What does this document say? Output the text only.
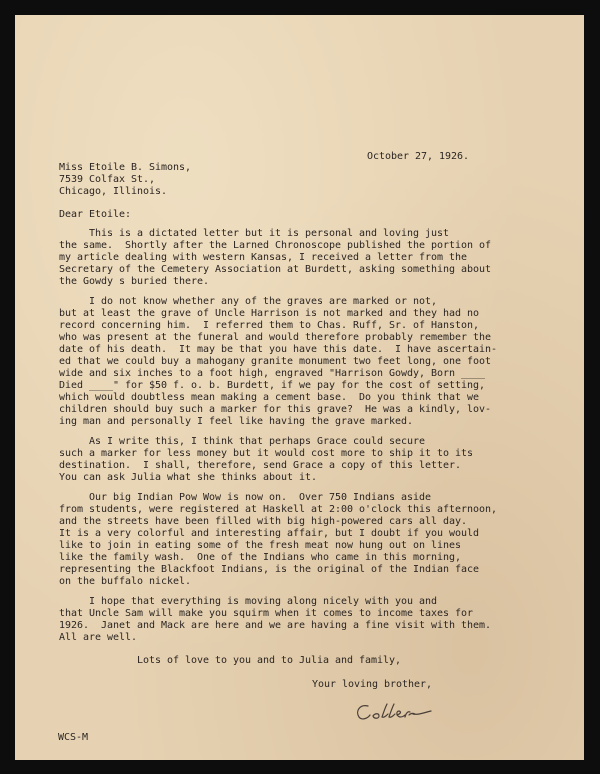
October 27, 1926.
Miss Etoile B. Simons,
7539 Colfax St.,
Chicago, Illinois.
Dear Etoile:
This is a dictated letter but it is personal and loving just
the same.  Shortly after the Larned Chronoscope published the portion of
my article dealing with western Kansas, I received a letter from the
Secretary of the Cemetery Association at Burdett, asking something about
the Gowdy s buried there.
I do not know whether any of the graves are marked or not,
but at least the grave of Uncle Harrison is not marked and they had no
record concerning him.  I referred them to Chas. Ruff, Sr. of Hanston,
who was present at the funeral and would therefore probably remember the
date of his death.  It may be that you have this date.  I have ascertain-
ed that we could buy a mahogany granite monument two feet long, one foot
wide and six inches to a foot high, engraved "Harrison Gowdy, Born ____
Died ____" for $50 f. o. b. Burdett, if we pay for the cost of setting,
which would doubtless mean making a cement base.  Do you think that we
children should buy such a marker for this grave?  He was a kindly, lov-
ing man and personally I feel like having the grave marked.
As I write this, I think that perhaps Grace could secure
such a marker for less money but it would cost more to ship it to its
destination.  I shall, therefore, send Grace a copy of this letter.
You can ask Julia what she thinks about it.
Our big Indian Pow Wow is now on.  Over 750 Indians aside
from students, were registered at Haskell at 2:00 o'clock this afternoon,
and the streets have been filled with big high-powered cars all day.
It is a very colorful and interesting affair, but I doubt if you would
like to join in eating some of the fresh meat now hung out on lines
like the family wash.  One of the Indians who came in this morning,
representing the Blackfoot Indians, is the original of the Indian face
on the buffalo nickel.
I hope that everything is moving along nicely with you and
that Uncle Sam will make you squirm when it comes to income taxes for
1926.  Janet and Mack are here and we are having a fine visit with them.
All are well.
Lots of love to you and to Julia and family,
Your loving brother,
WCS-M
